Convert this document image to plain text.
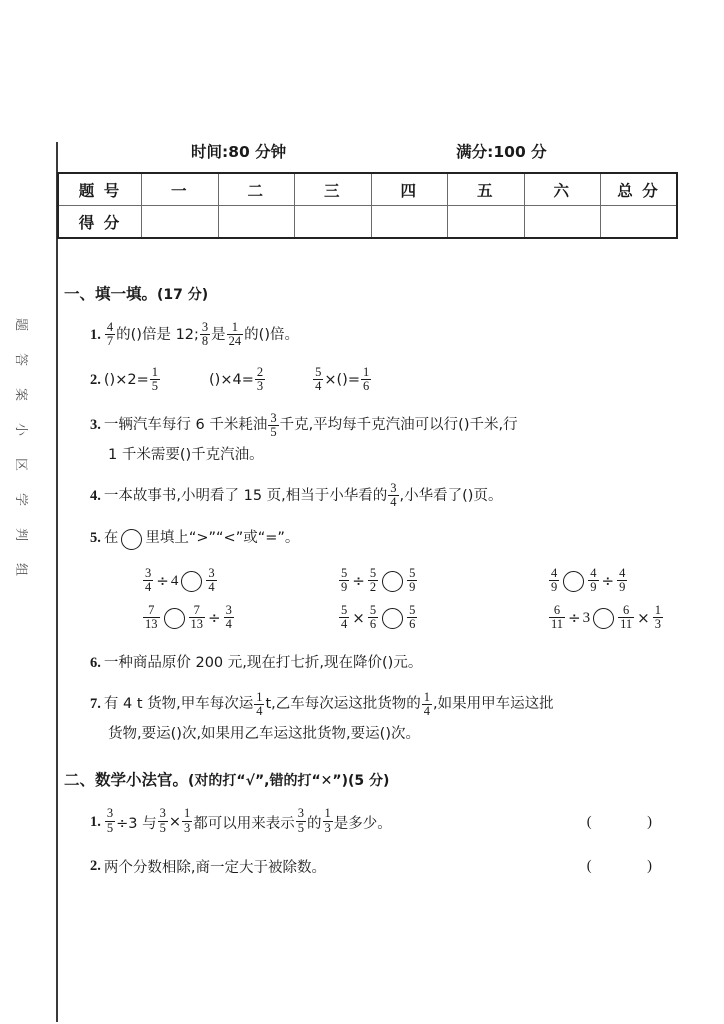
题
答
案
小
区
学
判
组
时间:80 分钟	满分:100 分
题 号	一	二	三	四	五	六	总 分
得 分							
一、填一填。(17 分)
1. $\frac{4}{7}$ 的( )倍是 12; $\frac{3}{8}$ 是 $\frac{1}{24}$ 的( )倍。
2. ( )$\times 2= \frac{1}{5}$	( )$\times 4= \frac{2}{3}$	$\frac{5}{4}$ ×( )= $\frac{1}{6}$
3. 一辆汽车每行 6 千米耗油 $\frac{3}{5}$ 千克,平均每千克汽油可以行( )千米,行
1 千米需要( )千克汽油。
4. 一本故事书,小明看了 15 页,相当于小华看的 $\frac{3}{4}$ ,小华看了( )页。
5. 在 里填上“>”“<”或“=”。
$\frac{3}{4} \div 4 \frac{3}{4}$	$\frac{5}{9} \div \frac{5}{2} \frac{5}{9}$	$\frac{4}{9} \frac{4}{9} \div \frac{4}{9}$
$\frac{7}{13} \frac{7}{13} \div \frac{3}{4}$	$\frac{5}{4} \times \frac{5}{6} \frac{5}{6}$	$\frac{6}{11} \div 3 \frac{6}{11} \times \frac{1}{3}$
6. 一种商品原价 200 元,现在打七折,现在降价( )元。
7. 有 4 t 货物,甲车每次运 $\frac{1}{4} t$,乙车每次运这批货物的 $\frac{1}{4}$ ,如果用甲车运这批
货物,要运( )次,如果用乙车运这批货物,要运( )次。
二、数学小法官。(对的打“√”,错的打“✕”)(5 分)
1. $\frac{3}{5} \div 3$ 与 $\frac{3}{5} \times \frac{1}{3}$ 都可以用来表示 $\frac{3}{5}$ 的 $\frac{1}{3}$ 是多少。	( )
2. 两个分数相除,商一定大于被除数。	( )
